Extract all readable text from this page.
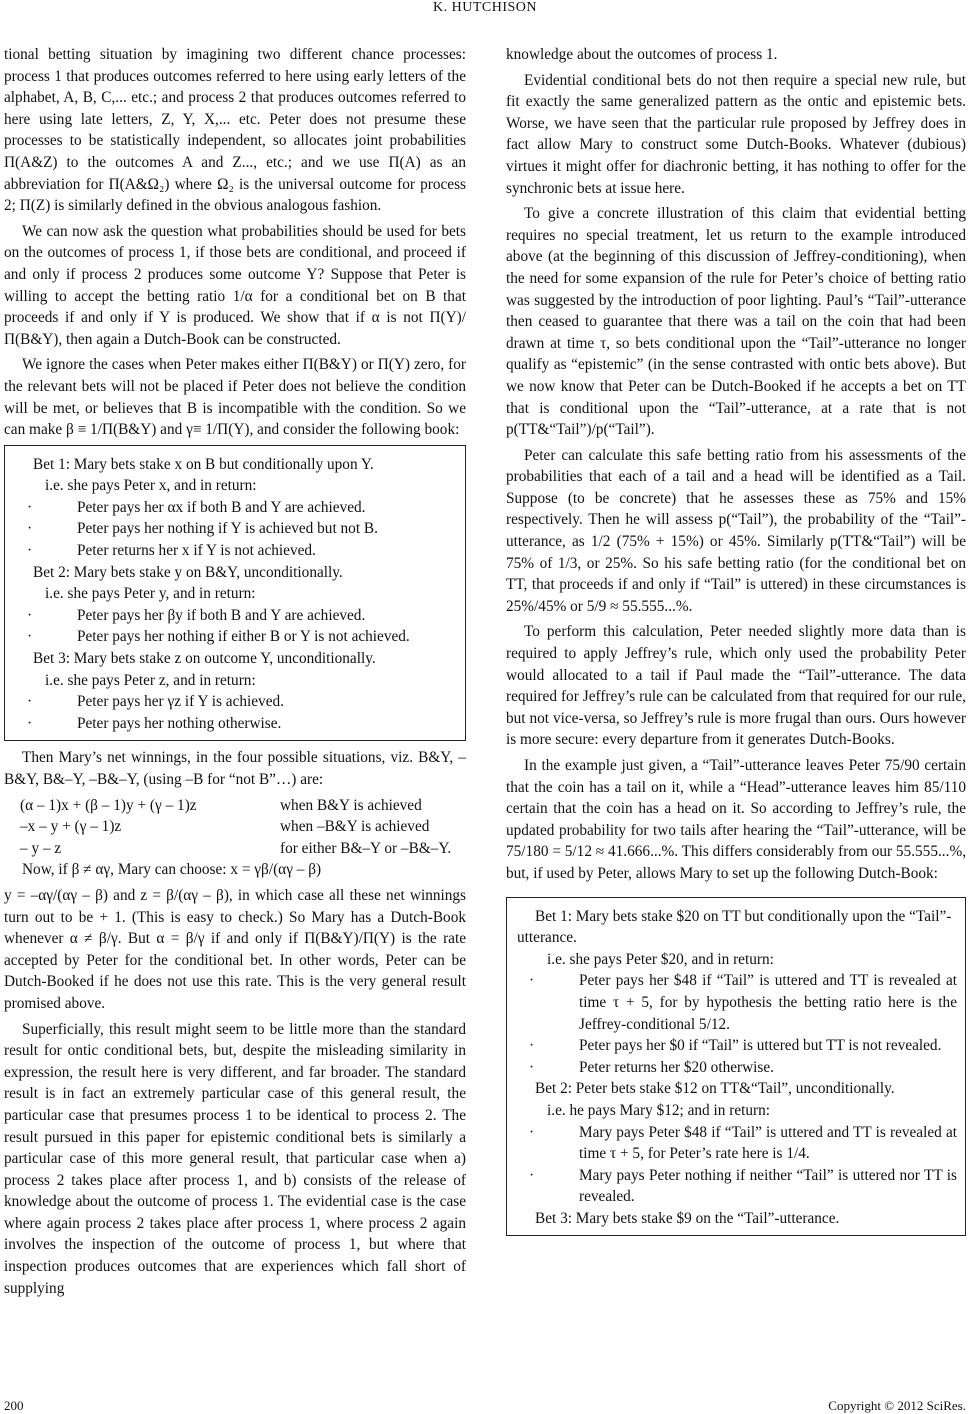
K. HUTCHISON

tional betting situation by imagining two different chance processes: process 1 that produces outcomes referred to here using early letters of the alphabet, A, B, C,... etc.; and process 2 that produces outcomes referred to here using late letters, Z, Y, X,... etc. Peter does not presume these processes to be statistically independent, so allocates joint probabilities Π(A&Z) to the outcomes A and Z..., etc.; and we use Π(A) as an abbreviation for Π(A&Ω₂) where Ω₂ is the universal outcome for process 2; Π(Z) is similarly defined in the obvious analogous fashion.

We can now ask the question what probabilities should be used for bets on the outcomes of process 1, if those bets are conditional, and proceed if and only if process 2 produces some outcome Y? Suppose that Peter is willing to accept the betting ratio 1/α for a conditional bet on B that proceeds if and only if Y is produced. We show that if α is not Π(Y)/Π(B&Y), then again a Dutch-Book can be constructed.

We ignore the cases when Peter makes either Π(B&Y) or Π(Y) zero, for the relevant bets will not be placed if Peter does not believe the condition will be met, or believes that B is incompatible with the condition. So we can make β ≡ 1/Π(B&Y) and γ≡ 1/Π(Y), and consider the following book:

Bet 1: Mary bets stake x on B but conditionally upon Y.

i.e. she pays Peter x, and in return:

· Peter pays her αx if both B and Y are achieved.
· Peter pays her nothing if Y is achieved but not B.
· Peter returns her x if Y is not achieved.

Bet 2: Mary bets stake y on B&Y, unconditionally.

i.e. she pays Peter y, and in return:

· Peter pays her βy if both B and Y are achieved.
· Peter pays her nothing if either B or Y is not achieved.

Bet 3: Mary bets stake z on outcome Y, unconditionally.

i.e. she pays Peter z, and in return:

· Peter pays her γz if Y is achieved.
· Peter pays her nothing otherwise.

Then Mary’s net winnings, in the four possible situations, viz. B&Y, –B&Y, B&–Y, –B&–Y, (using –B for “not B”…) are:

(α – 1)x + (β – 1)y + (γ – 1)z	when B&Y is achieved
–x – y + (γ – 1)z	when –B&Y is achieved
– y – z	for either B&–Y or –B&–Y.

Now, if β ≠ αγ, Mary can choose: x = γβ/(αγ – β)

y = –αγ/(αγ – β) and z = β/(αγ – β), in which case all these net winnings turn out to be + 1. (This is easy to check.) So Mary has a Dutch-Book whenever α ≠ β/γ. But α = β/γ if and only if Π(B&Y)/Π(Y) is the rate accepted by Peter for the conditional bet. In other words, Peter can be Dutch-Booked if he does not use this rate. This is the very general result promised above.

Superficially, this result might seem to be little more than the standard result for ontic conditional bets, but, despite the misleading similarity in expression, the result here is very different, and far broader. The standard result is in fact an extremely particular case of this general result, the particular case that presumes process 1 to be identical to process 2. The result pursued in this paper for epistemic conditional bets is similarly a particular case of this more general result, that particular case when a) process 2 takes place after process 1, and b) consists of the release of knowledge about the outcome of process 1. The evidential case is the case where again process 2 takes place after process 1, where process 2 again involves the inspection of the outcome of process 1, but where that inspection produces outcomes that are experiences which fall short of supplying

knowledge about the outcomes of process 1.

Evidential conditional bets do not then require a special new rule, but fit exactly the same generalized pattern as the ontic and epistemic bets. Worse, we have seen that the particular rule proposed by Jeffrey does in fact allow Mary to construct some Dutch-Books. Whatever (dubious) virtues it might offer for diachronic betting, it has nothing to offer for the synchronic bets at issue here.

To give a concrete illustration of this claim that evidential betting requires no special treatment, let us return to the example introduced above (at the beginning of this discussion of Jeffrey-conditioning), when the need for some expansion of the rule for Peter’s choice of betting ratio was suggested by the introduction of poor lighting. Paul’s “Tail”-utterance then ceased to guarantee that there was a tail on the coin that had been drawn at time τ, so bets conditional upon the “Tail”-utterance no longer qualify as “epistemic” (in the sense contrasted with ontic bets above). But we now know that Peter can be Dutch-Booked if he accepts a bet on TT that is conditional upon the “Tail”-utterance, at a rate that is not p(TT&“Tail”)/p(“Tail”).

Peter can calculate this safe betting ratio from his assessments of the probabilities that each of a tail and a head will be identified as a Tail. Suppose (to be concrete) that he assesses these as 75% and 15% respectively. Then he will assess p(“Tail”), the probability of the “Tail”-utterance, as 1/2 (75% + 15%) or 45%. Similarly p(TT&“Tail”) will be 75% of 1/3, or 25%. So his safe betting ratio (for the conditional bet on TT, that proceeds if and only if “Tail” is uttered) in these circumstances is 25%/45% or 5/9 ≈ 55.555...%.

To perform this calculation, Peter needed slightly more data than is required to apply Jeffrey’s rule, which only used the probability Peter would allocated to a tail if Paul made the “Tail”-utterance. The data required for Jeffrey’s rule can be calculated from that required for our rule, but not vice-versa, so Jeffrey’s rule is more frugal than ours. Ours however is more secure: every departure from it generates Dutch-Books.

In the example just given, a “Tail”-utterance leaves Peter 75/90 certain that the coin has a tail on it, while a “Head”-utterance leaves him 85/110 certain that the coin has a head on it. So according to Jeffrey’s rule, the updated probability for two tails after hearing the “Tail”-utterance, will be 75/180 = 5/12 ≈ 41.666...%. This differs considerably from our 55.555...%, but, if used by Peter, allows Mary to set up the following Dutch-Book:

Bet 1: Mary bets stake $20 on TT but conditionally upon the “Tail”-utterance.

i.e. she pays Peter $20, and in return:

· Peter pays her $48 if “Tail” is uttered and TT is revealed at time τ + 5, for by hypothesis the betting ratio here is the Jeffrey-conditional 5/12.
· Peter pays her $0 if “Tail” is uttered but TT is not revealed.
· Peter returns her $20 otherwise.

Bet 2: Peter bets stake $12 on TT&“Tail”, unconditionally.

i.e. he pays Mary $12; and in return:

· Mary pays Peter $48 if “Tail” is uttered and TT is revealed at time τ + 5, for Peter’s rate here is 1/4.
· Mary pays Peter nothing if neither “Tail” is uttered nor TT is revealed.

Bet 3: Mary bets stake $9 on the “Tail”-utterance.

200	Copyright © 2012 SciRes.
